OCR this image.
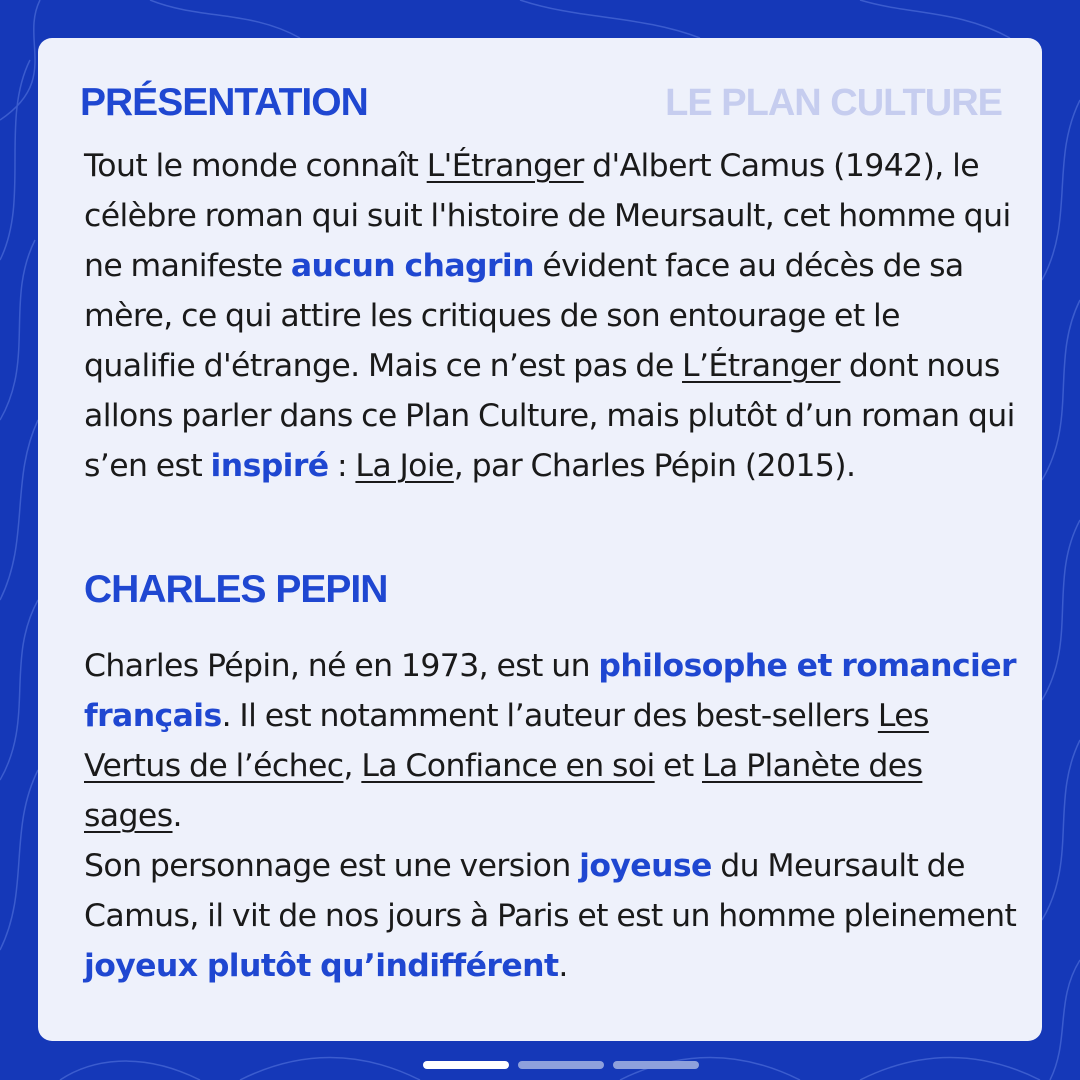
PRÉSENTATION	LE PLAN CULTURE

Tout le monde connaît L'Étranger d'Albert Camus (1942), le célèbre roman qui suit l'histoire de Meursault, cet homme qui ne manifeste aucun chagrin évident face au décès de sa mère, ce qui attire les critiques de son entourage et le qualifie d'étrange. Mais ce n’est pas de L’Étranger dont nous allons parler dans ce Plan Culture, mais plutôt d’un roman qui s’en est inspiré : La Joie, par Charles Pépin (2015).

CHARLES PEPIN

Charles Pépin, né en 1973, est un philosophe et romancier français. Il est notamment l’auteur des best-sellers Les Vertus de l’échec, La Confiance en soi et La Planète des sages.
Son personnage est une version joyeuse du Meursault de Camus, il vit de nos jours à Paris et est un homme pleinement joyeux plutôt qu’indifférent.
